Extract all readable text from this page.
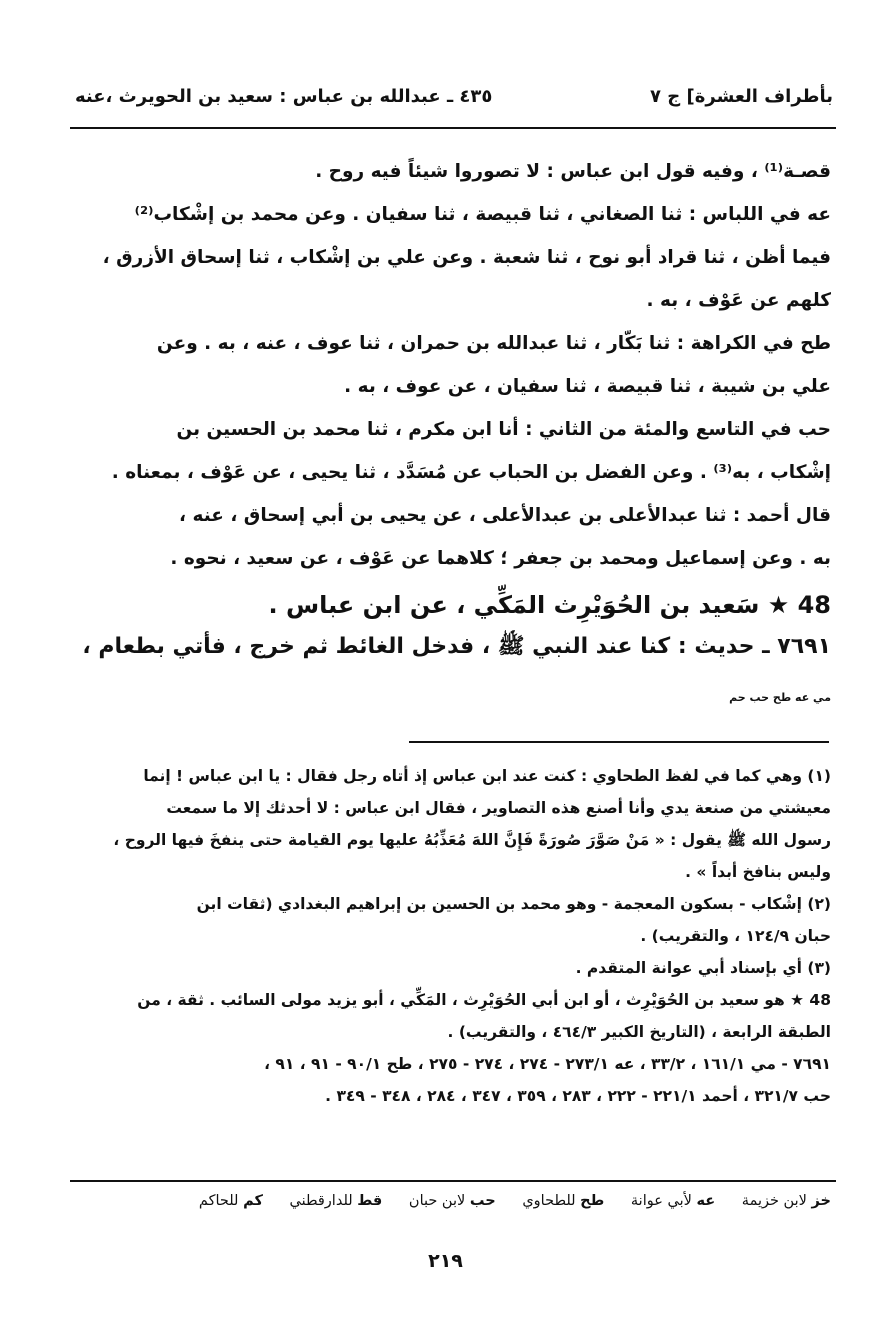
بأطراف العشرة] ج ٧
٤٣٥ ـ عبدالله بن عباس : سعيد بن الحويرث ،عنه
قصـة⁽¹⁾ ، وفيه قول ابن عباس : لا تصوروا شيئاً فيه روح .
عه في اللباس : ثنا الصغاني ، ثنا قبيصة ، ثنا سفيان . وعن محمد بن إشْكاب⁽²⁾
فيما أظن ، ثنا قراد أبو نوح ، ثنا شعبة . وعن علي بن إشْكاب ، ثنا إسحاق الأزرق ،
كلهم عن عَوْف ، به .
طح في الكراهة : ثنا بَكّار ، ثنا عبدالله بن حمران ، ثنا عوف ، عنه ، به . وعن
علي بن شيبة ، ثنا قبيصة ، ثنا سفيان ، عن عوف ، به .
حب في التاسع والمئة من الثاني : أنا ابن مكرم ، ثنا محمد بن الحسين بن
إشْكاب ، به⁽³⁾ . وعن الفضل بن الحباب عن مُسَدَّد ، ثنا يحيى ، عن عَوْف ، بمعناه .
قال أحمد : ثنا عبدالأعلى بن عبدالأعلى ، عن يحيى بن أبي إسحاق ، عنه ،
به . وعن إسماعيل ومحمد بن جعفر ؛ كلاهما عن عَوْف ، عن سعيد ، نحوه .
48 ★ سَعيد بن الحُوَيْرِث المَكِّي ، عن ابن عباس .
٧٦٩١ ـ حديث : كنا عند النبي ﷺ ، فدخل الغائط ثم خرج ، فأتي بطعام ،
مي عه طح حب حم
(١) وهي كما في لفظ الطحاوي : كنت عند ابن عباس إذ أتاه رجل فقال : يا ابن عباس ! إنما
معيشتي من صنعة يدي وأنا أصنع هذه التصاوير ، فقال ابن عباس : لا أحدثك إلا ما سمعت
رسول الله ﷺ يقول : « مَنْ صَوَّرَ صُورَةً فَإِنَّ اللهَ مُعَذِّبُهُ عليها يوم القيامة حتى ينفخَ فيها الروح ،
وليس بنافخ أبداً » .
(٢) إشْكاب - بسكون المعجمة - وهو محمد بن الحسين بن إبراهيم البغدادي (ثقات ابن
حبان ١٢٤/٩ ، والتقريب) .
(٣) أي بإسناد أبي عوانة المتقدم .
48 ★ هو سعيد بن الحُوَيْرِث ، أو ابن أبي الحُوَيْرِث ، المَكِّي ، أبو يزيد مولى السائب . ثقة ، من
الطبقة الرابعة ، (التاريخ الكبير ٤٦٤/٣ ، والتقريب) .
٧٦٩١ - مي ١٦١/١ ، ٣٣/٢ ، عه ٢٧٣/١ - ٢٧٤ ، ٢٧٤ - ٢٧٥ ، طح ٩٠/١ - ٩١ ، ٩١ ،
حب ٣٢١/٧ ، أحمد ٢٢١/١ - ٢٢٢ ، ٢٨٣ ، ٣٥٩ ، ٣٤٧ ، ٢٨٤ ، ٣٤٨ - ٣٤٩ .
خز لابن خزيمة عه لأبي عوانة طح للطحاوي حب لابن حبان قط للدارقطني كم للحاكم
٢١٩
